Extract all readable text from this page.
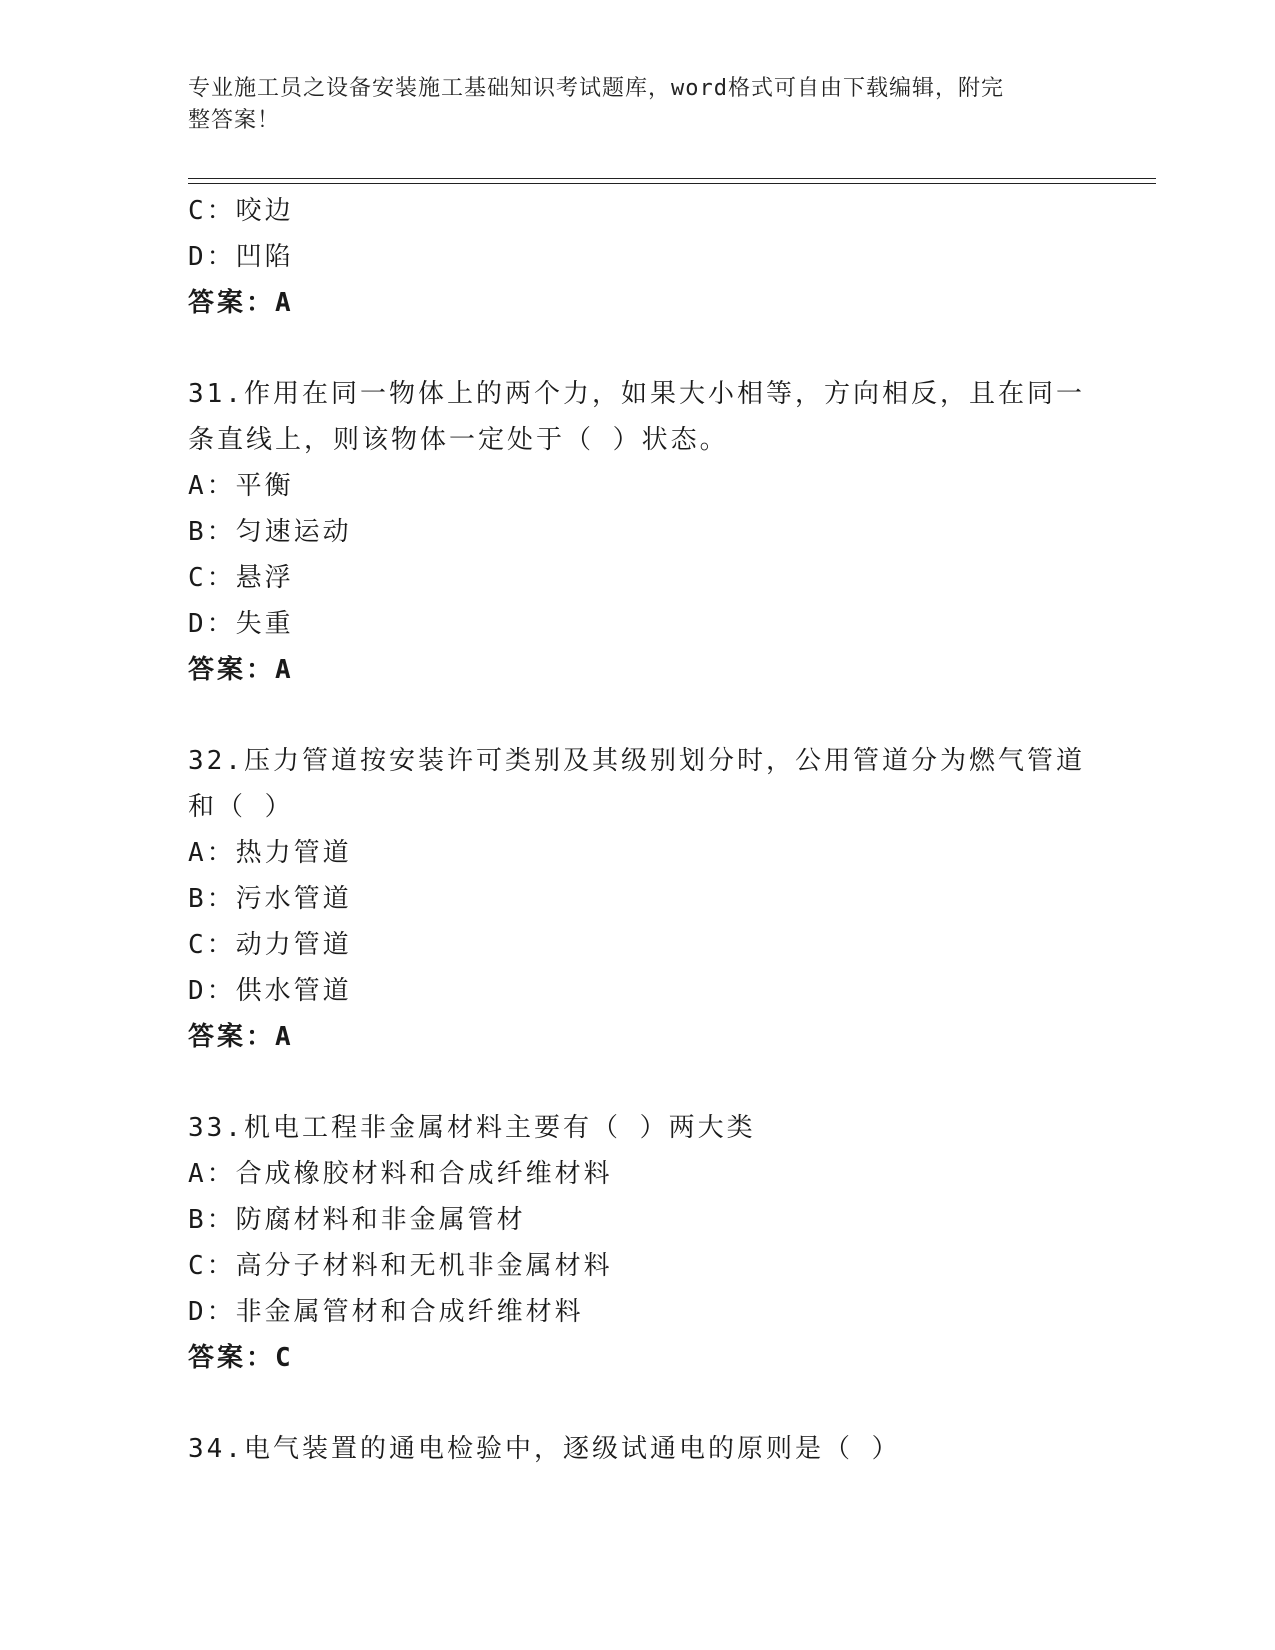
专业施工员之设备安装施工基础知识考试题库，word格式可自由下载编辑，附完
整答案！
C：咬边
D：凹陷
答案：A
31.作用在同一物体上的两个力，如果大小相等，方向相反，且在同一
条直线上，则该物体一定处于（ ）状态。
A：平衡
B：匀速运动
C：悬浮
D：失重
答案：A
32.压力管道按安装许可类别及其级别划分时，公用管道分为燃气管道
和（ ）
A：热力管道
B：污水管道
C：动力管道
D：供水管道
答案：A
33.机电工程非金属材料主要有（ ）两大类
A：合成橡胶材料和合成纤维材料
B：防腐材料和非金属管材
C：高分子材料和无机非金属材料
D：非金属管材和合成纤维材料
答案：C
34.电气装置的通电检验中，逐级试通电的原则是（ ）
